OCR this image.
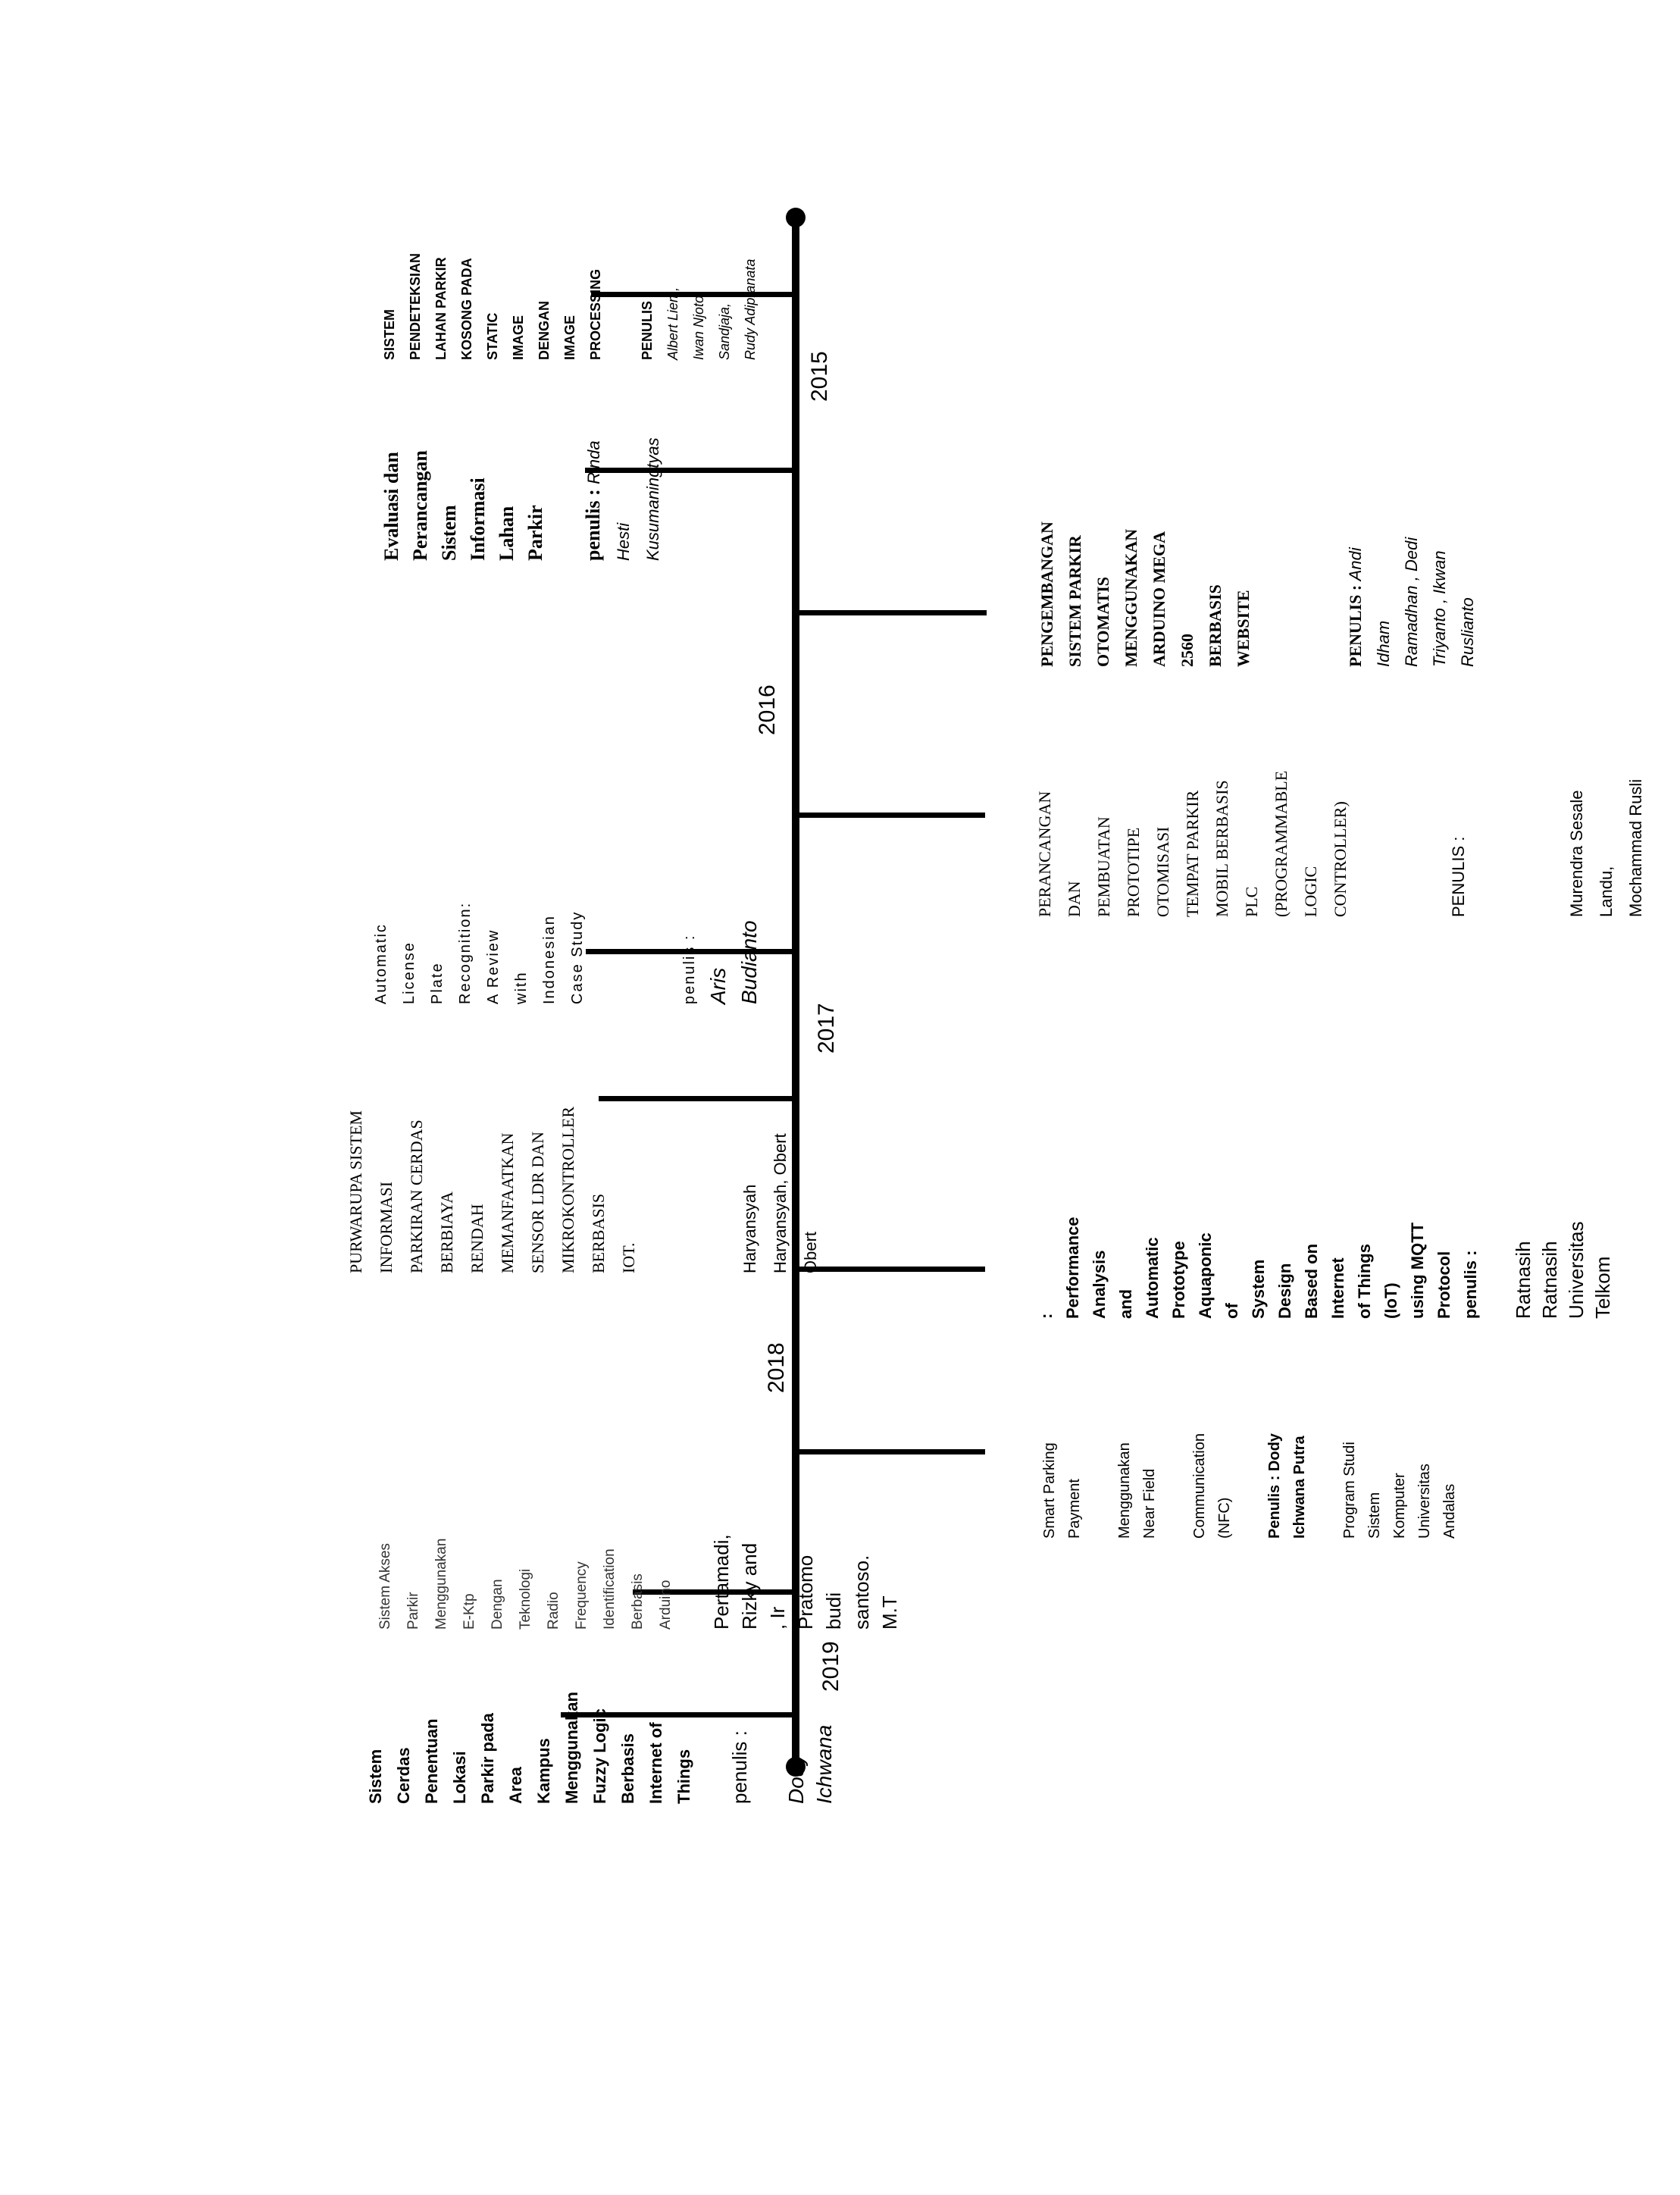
2015
2016
2017
2018
2019

SISTEM
PENDETEKSIAN
LAHAN PARKIR
KOSONG PADA STATIC
IMAGE DENGAN
IMAGE PROCESSING	PENULIS : Albert Liem,
Iwan Njoto Sandjaja,
Rudy Adipranata

Evaluasi dan
Perancangan Sistem
Informasi Lahan
Parkir penulis : Rinda Hesti
Kusumaningtyas

PENGEMBANGAN
SISTEM PARKIR
OTOMATIS
MENGGUNAKAN
ARDUINO MEGA 2560
BERBASIS WEBSITE

	PENULIS : Andi Idham
Ramadhan , Dedi
Triyanto , Ikwan
Ruslianto

PERANCANGAN DAN
PEMBUATAN PROTOTIPE
OTOMISASI TEMPAT PARKIR
MOBIL BERBASIS PLC
(PROGRAMMABLE LOGIC
CONTROLLER)

	PENULIS :

	Murendra Sesale Landu,
Mochammad Rusli

Automatic License Plate
Recognition: A Review with
Indonesian Case Study

penulis : Aris Budianto

PURWARUPA SISTEM INFORMASI
PARKIRAN CERDAS BERBIAYA
RENDAH MEMANFAATKAN
SENSOR LDR DAN
MIKROKONTROLLER BERBASIS
IOT.

	Haryansyah Haryansyah, Obert
Obert

: Performance
Analysis and
Automatic
Prototype
Aquaponic of
System Design
Based on Internet
of Things (IoT)
using MQTT Protocol
penulis : Ratnasih Ratnasih
Universitas Telkom

Smart Parking Payment

Menggunakan Near Field

Communication (NFC)	Penulis : Dody
Ichwana Putra

Program Studi Sistem
Komputer Universitas
Andalas

Sistem Akses Parkir
Menggunakan E-Ktp
Dengan Teknologi
Radio Frequency
Identification
Berbasis Arduino	Pertamadi,
Rizky and , Ir
Pratomo budi
santoso. M.T

Sistem Cerdas
Penentuan Lokasi
Parkir pada Area
Kampus Menggunakan
Fuzzy Logic Berbasis
Internet of Things penulis : Dody
Ichwana
